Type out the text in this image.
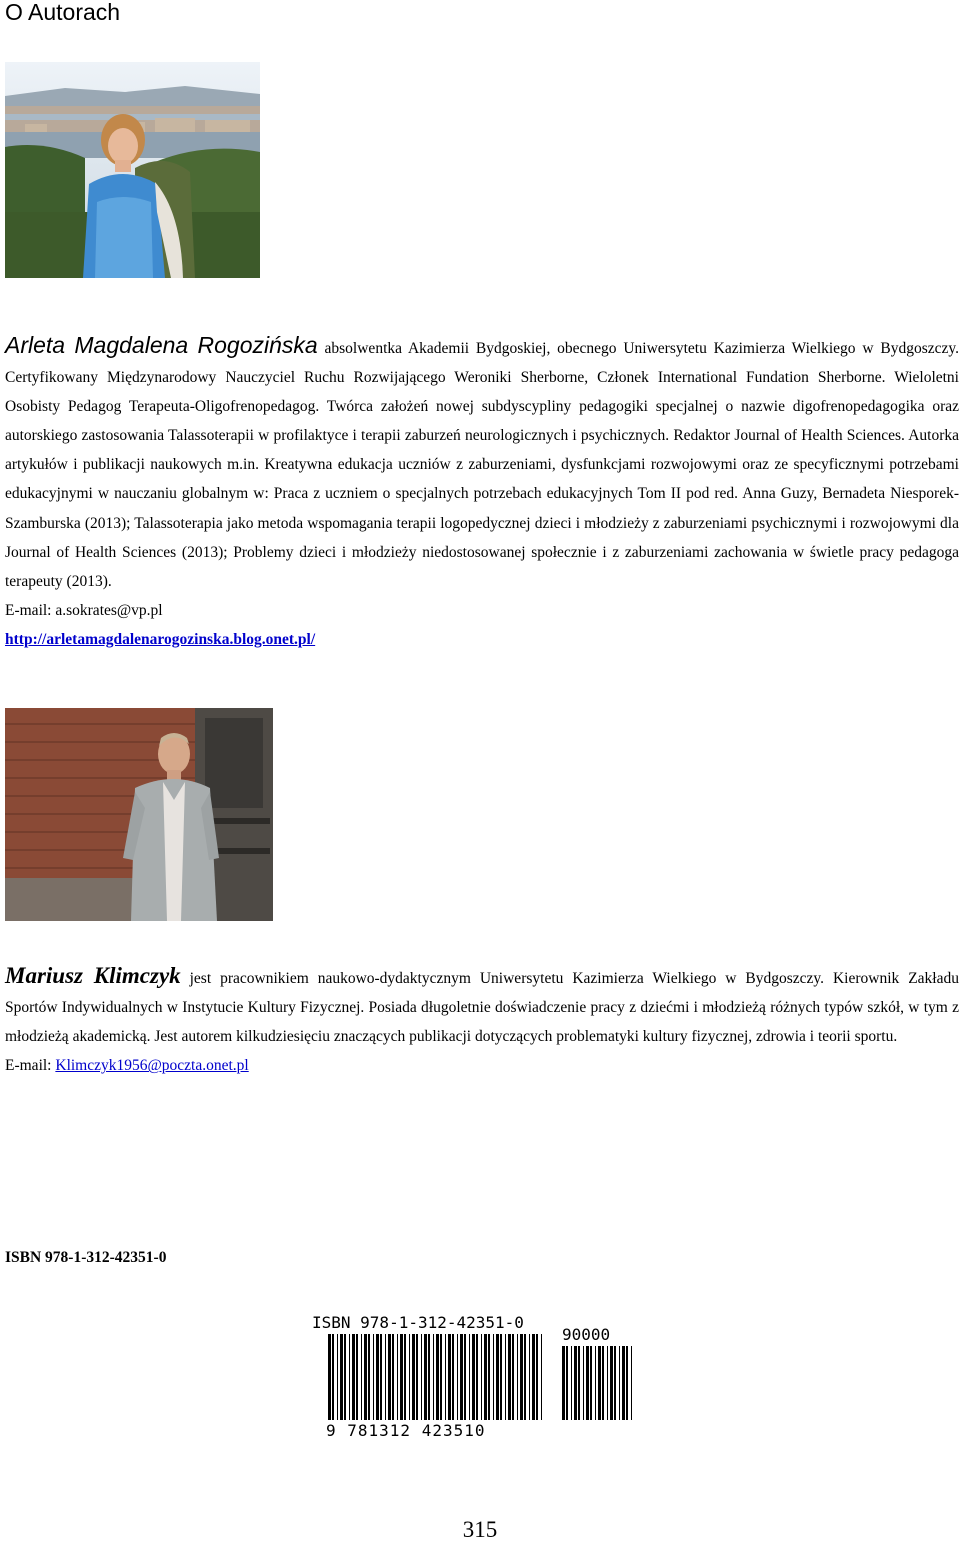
O Autorach

Arleta Magdalena Rogozińska absolwentka Akademii Bydgoskiej, obecnego Uniwersytetu Kazimierza Wielkiego w Bydgoszczy. Certyfikowany Międzynarodowy Nauczyciel Ruchu Rozwijającego Weroniki Sherborne, Członek International Fundation Sherborne. Wieloletni Osobisty Pedagog Terapeuta-Oligofrenopedagog. Twórca założeń nowej subdyscypliny pedagogiki specjalnej o nazwie digofrenopedagogika oraz autorskiego zastosowania Talassoterapii w profilaktyce i terapii zaburzeń neurologicznych i psychicznych. Redaktor Journal of Health Sciences. Autorka artykułów i publikacji naukowych m.in. Kreatywna edukacja uczniów z zaburzeniami, dysfunkcjami rozwojowymi oraz ze specyficznymi potrzebami edukacyjnymi w nauczaniu globalnym w: Praca z uczniem o specjalnych potrzebach edukacyjnych Tom II pod red. Anna Guzy, Bernadeta Niesporek-Szamburska (2013); Talassoterapia jako metoda wspomagania terapii logopedycznej dzieci i młodzieży z zaburzeniami psychicznymi i rozwojowymi dla Journal of Health Sciences (2013); Problemy dzieci i młodzieży niedostosowanej społecznie i z zaburzeniami zachowania w świetle pracy pedagoga terapeuty (2013).

E-mail: a.sokrates@vp.pl

http://arletamagdalenarogozinska.blog.onet.pl/

Mariusz Klimczyk jest pracownikiem naukowo-dydaktycznym Uniwersytetu Kazimierza Wielkiego w Bydgoszczy. Kierownik Zakładu Sportów Indywidualnych w Instytucie Kultury Fizycznej. Posiada długoletnie doświadczenie pracy z dziećmi i młodzieżą różnych typów szkół, w tym z młodzieżą akademicką. Jest autorem kilkudziesięciu znaczących publikacji dotyczących problematyki kultury fizycznej, zdrowia i teorii sportu.

E-mail: Klimczyk1956@poczta.onet.pl

ISBN 978-1-312-42351-0
ISBN 978-1-312-42351-0
90000
9 781312 423510
315
